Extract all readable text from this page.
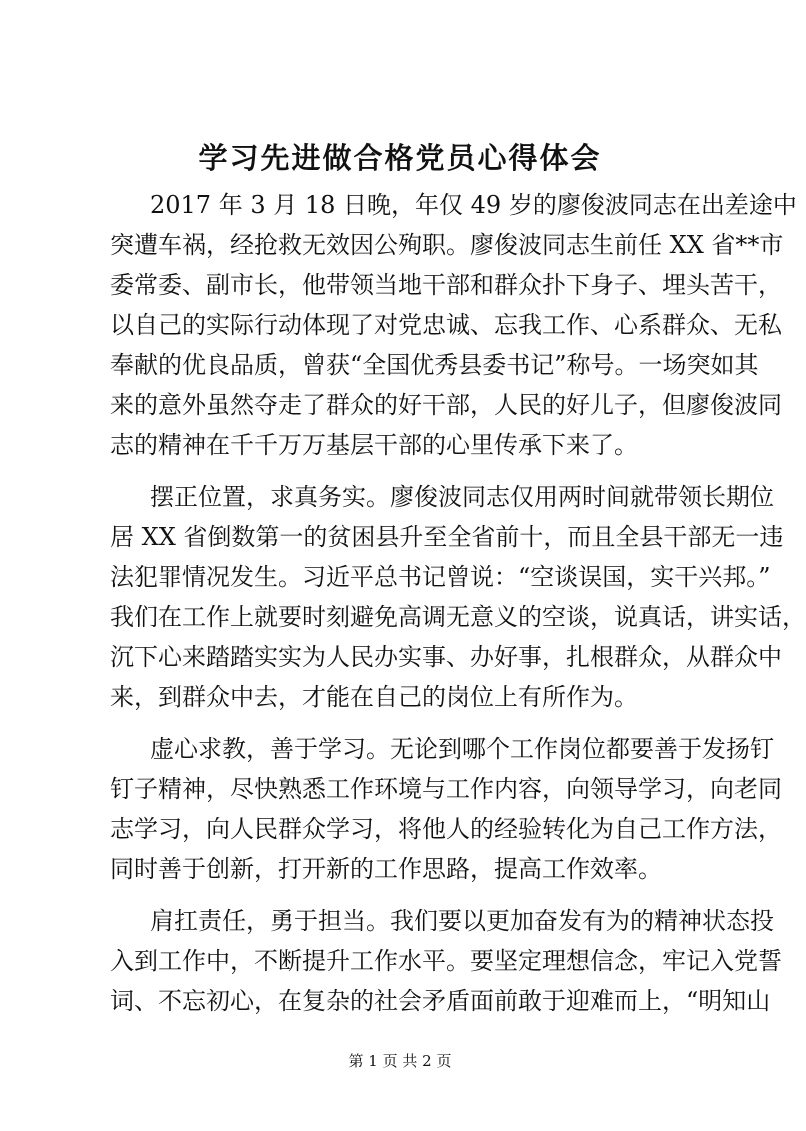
学习先进做合格党员心得体会
2017 年 3 月 18 日晚，年仅 49 岁的廖俊波同志在出差途中
突遭车祸，经抢救无效因公殉职。廖俊波同志生前任 XX 省**市
委常委、副市长，他带领当地干部和群众扑下身子、埋头苦干，
以自己的实际行动体现了对党忠诚、忘我工作、心系群众、无私
奉献的优良品质，曾获“全国优秀县委书记”称号。一场突如其
来的意外虽然夺走了群众的好干部，人民的好儿子，但廖俊波同
志的精神在千千万万基层干部的心里传承下来了。
摆正位置，求真务实。廖俊波同志仅用两时间就带领长期位
居 XX 省倒数第一的贫困县升至全省前十，而且全县干部无一违
法犯罪情况发生。习近平总书记曾说：“空谈误国，实干兴邦。”
我们在工作上就要时刻避免高调无意义的空谈，说真话，讲实话，
沉下心来踏踏实实为人民办实事、办好事，扎根群众，从群众中
来，到群众中去，才能在自己的岗位上有所作为。
虚心求教，善于学习。无论到哪个工作岗位都要善于发扬钉
钉子精神，尽快熟悉工作环境与工作内容，向领导学习，向老同
志学习，向人民群众学习，将他人的经验转化为自己工作方法，
同时善于创新，打开新的工作思路，提高工作效率。
肩扛责任，勇于担当。我们要以更加奋发有为的精神状态投
入到工作中，不断提升工作水平。要坚定理想信念，牢记入党誓
词、不忘初心，在复杂的社会矛盾面前敢于迎难而上，“明知山
第 1 页 共 2 页
